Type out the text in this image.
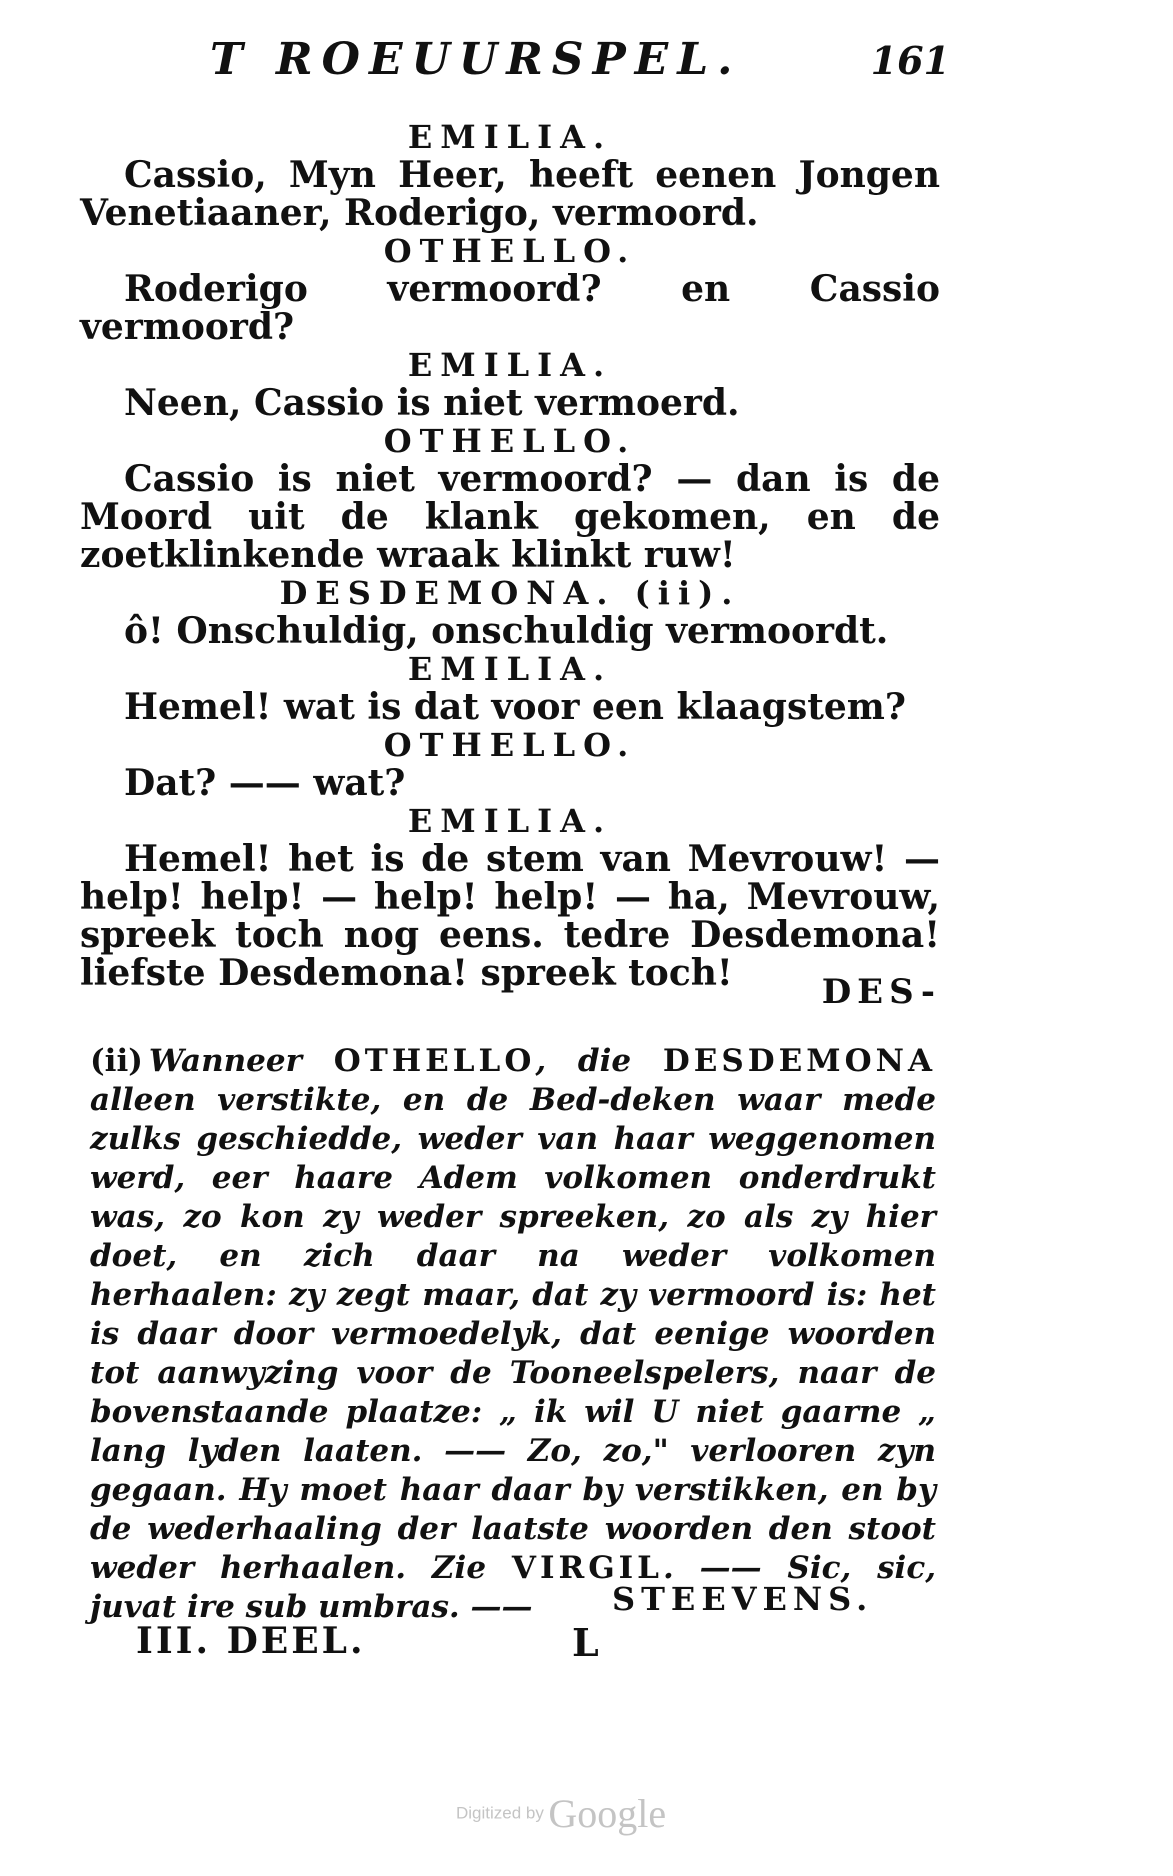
T ROEUURSPEL.	161

EMILIA.

Cassio, Myn Heer, heeft eenen Jongen Venetiaaner, Roderigo, vermoord.

OTHELLO.

Roderigo vermoord? en Cassio vermoord?

EMILIA.

Neen, Cassio is niet vermoerd.

OTHELLO.

Cassio is niet vermoord? — dan is de Moord uit de klank gekomen, en de zoetklinkende wraak klinkt ruw!

DESDEMONA. (ii).

ô! Onschuldig, onschuldig vermoordt.

EMILIA.

Hemel! wat is dat voor een klaagstem?

OTHELLO.

Dat? —— wat?

EMILIA.

Hemel! het is de stem van Mevrouw! — help! help! — help! help! — ha, Mevrouw, spreek toch nog eens. tedre Desdemona! liefste Desdemona! spreek toch!	DES-

(ii) Wanneer OTHELLO, die DESDEMONA alleen verstikte, en de Bed-deken waar mede zulks geschiedde, weder van haar weggenomen werd, eer haare Adem volkomen onderdrukt was, zo kon zy weder spreeken, zo als zy hier doet, en zich daar na weder volkomen herhaalen: zy zegt maar, dat zy vermoord is: het is daar door vermoedelyk, dat eenige woorden tot aanwyzing voor de Tooneelspelers, naar de bovenstaande plaatze: „ ik wil U niet gaarne „ lang lyden laaten. —— Zo, zo," verlooren zyn gegaan. Hy moet haar daar by verstikken, en by de wederhaaling der laatste woorden den stoot weder herhaalen. Zie VIRGIL. —— Sic, sic, juvat ire sub umbras. ——	STEEVENS.
III. DEEL.	L
Digitized by Google
